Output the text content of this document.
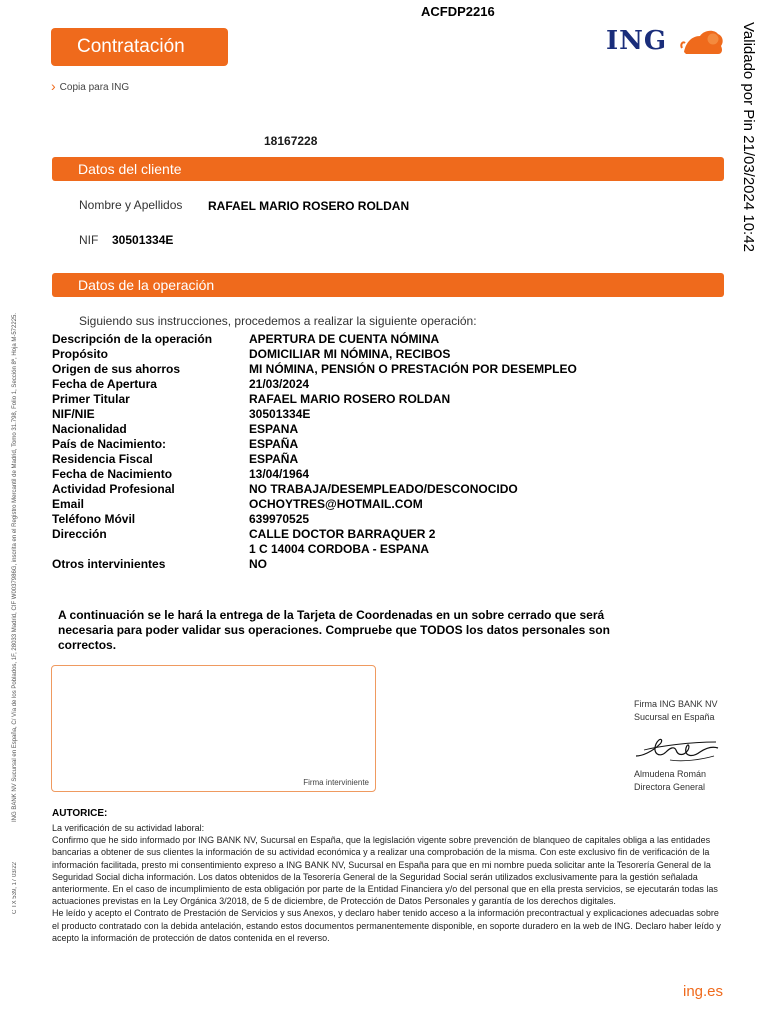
ACFDP2216
Contratación	ING	Validado por Pin 21/03/2024 10:42
› Copia para ING
18167228
Datos del cliente
Nombre y Apellidos RAFAEL MARIO ROSERO ROLDAN
NIF 30501334E
Datos de la operación
Siguiendo sus instrucciones, procedemos a realizar la siguiente operación:
Descripción de la operación	APERTURA DE CUENTA NÓMINA
Propósito	DOMICILIAR MI NÓMINA, RECIBOS
Origen de sus ahorros	MI NÓMINA, PENSIÓN O PRESTACIÓN POR DESEMPLEO
Fecha de Apertura	21/03/2024
Primer Titular	RAFAEL MARIO ROSERO ROLDAN
NIF/NIE	30501334E
Nacionalidad	ESPANA
País de Nacimiento:	ESPAÑA
Residencia Fiscal	ESPAÑA
Fecha de Nacimiento	13/04/1964
Actividad Profesional	NO TRABAJA/DESEMPLEADO/DESCONOCIDO
Email	OCHOYTRES@HOTMAIL.COM
Teléfono Móvil	639970525
Dirección	CALLE DOCTOR BARRAQUER 2
1 C 14004 CORDOBA - ESPANA
Otros intervinientes	NO
A continuación se le hará la entrega de la Tarjeta de Coordenadas en un sobre cerrado que será necesaria para poder validar sus operaciones. Compruebe que TODOS los datos personales son correctos.
Firma interviniente
Firma ING BANK NV
Sucursal en España
Almudena Román
Directora General
AUTORICE:

La verificación de su actividad laboral:

Confirmo que he sido informado por ING BANK NV, Sucursal en España, que la legislación vigente sobre prevención de blanqueo de capitales obliga a las entidades bancarias a obtener de sus clientes la información de su actividad económica y a realizar una comprobación de la misma. Con este exclusivo fin de verificación de la información facilitada, presto mi consentimiento expreso a ING BANK NV, Sucursal en España para que en mi nombre pueda solicitar ante la Tesorería General de la Seguridad Social dicha información. Los datos obtenidos de la Tesorería General de la Seguridad Social serán utilizados exclusivamente para la gestión señalada anteriormente. En el caso de incumplimiento de esta obligación por parte de la Entidad Financiera y/o del personal que en ella presta servicios, se ejecutarán todas las actuaciones previstas en la Ley Orgánica 3/2018, de 5 de diciembre, de Protección de Datos Personales y garantía de los derechos digitales.

He leído y acepto el Contrato de Prestación de Servicios y sus Anexos, y declaro haber tenido acceso a la información precontractual y explicaciones adecuadas sobre el producto contratado con la debida antelación, estando estos documentos permanentemente disponible, en soporte duradero en la web de ING. Declaro haber leído y acepto la información de protección de datos contenida en el reverso.

ING BANK NV Sucursal en España, C/ Vía de los Poblados, 1F, 28033 Madrid, CIF W0037986G, inscrita en el Registro Mercantil de Madrid, Tomo 31.798, Folio 1, Sección 8ª, Hoja M-572225.
C TX 539, 17 03/22
ing.es
